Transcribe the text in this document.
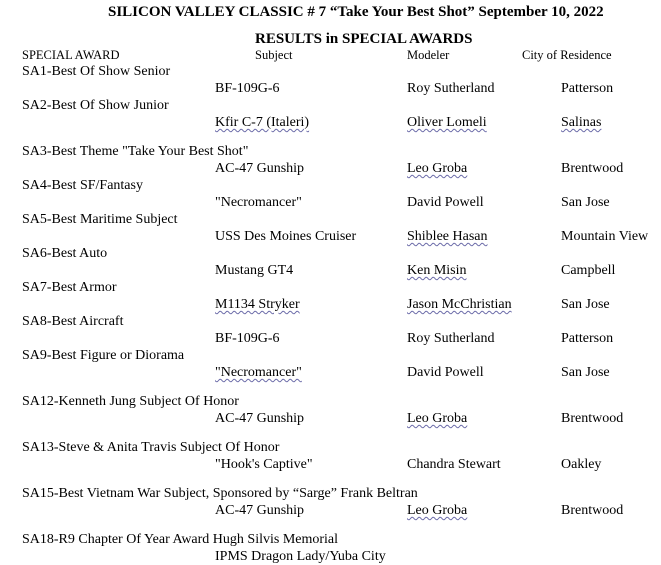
SILICON VALLEY CLASSIC # 7 “Take Your Best Shot” September 10, 2022
RESULTS in SPECIAL AWARDS
SPECIAL AWARD	Subject	Modeler	City of Residence
SA1-Best Of Show Senior
BF-109G-6	Roy Sutherland	Patterson
SA2-Best Of Show Junior
Kfir C-7 (Italeri)	Oliver Lomeli	Salinas
SA3-Best Theme "Take Your Best Shot"
AC-47 Gunship	Leo Groba	Brentwood
SA4-Best SF/Fantasy
"Necromancer"	David Powell	San Jose
SA5-Best Maritime Subject
USS Des Moines Cruiser	Shiblee Hasan	Mountain View
SA6-Best Auto
Mustang GT4	Ken Misin	Campbell
SA7-Best Armor
M1134 Stryker	Jason McChristian	San Jose
SA8-Best Aircraft
BF-109G-6	Roy Sutherland	Patterson
SA9-Best Figure or Diorama
"Necromancer"	David Powell	San Jose
SA12-Kenneth Jung Subject Of Honor
AC-47 Gunship	Leo Groba	Brentwood
SA13-Steve & Anita Travis Subject Of Honor
"Hook's Captive"	Chandra Stewart	Oakley
SA15-Best Vietnam War Subject, Sponsored by “Sarge” Frank Beltran
AC-47 Gunship	Leo Groba	Brentwood
SA18-R9 Chapter Of Year Award Hugh Silvis Memorial
IPMS Dragon Lady/Yuba City
